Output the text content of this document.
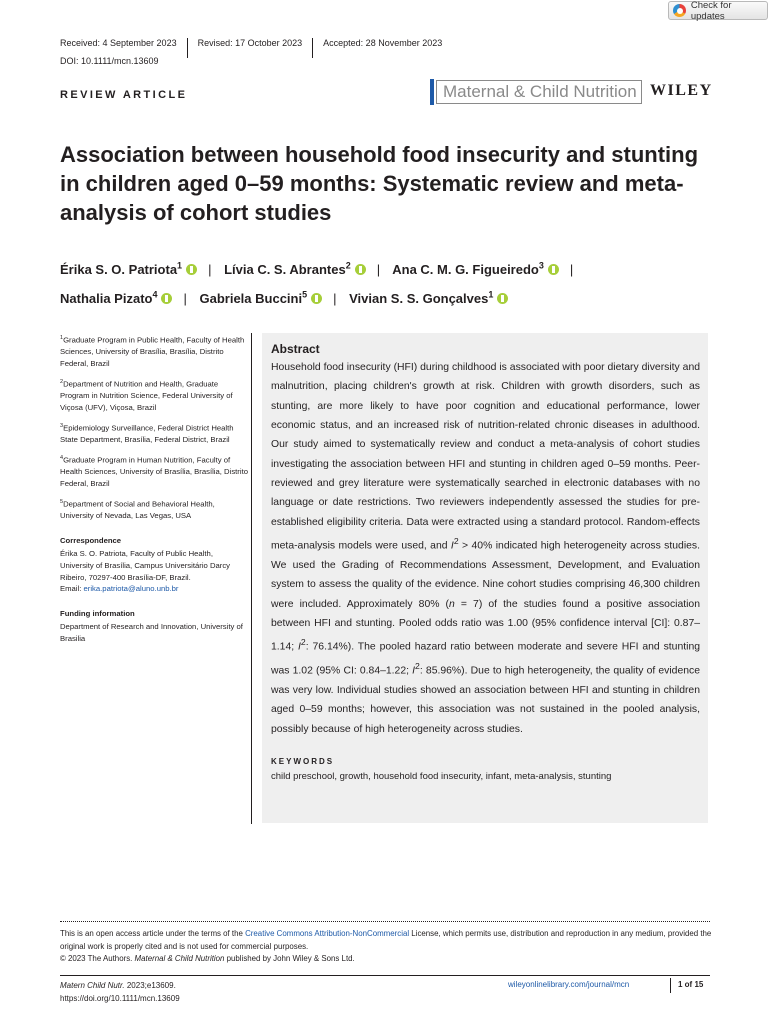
Check for updates
Received: 4 September 2023	Revised: 17 October 2023	Accepted: 28 November 2023
DOI: 10.1111/mcn.13609
REVIEW ARTICLE	Maternal & Child Nutrition WILEY
Association between household food insecurity and stunting in children aged 0–59 months: Systematic review and meta-analysis of cohort studies
Érika S. O. Patriota$^1$ | Lívia C. S. Abrantes$^2$ | Ana C. M. G. Figueiredo$^3$ |
Nathalia Pizato$^4$ | Gabriela Buccini$^5$ | Vivian S. S. Gonçalves$^1$
$^1$Graduate Program in Public Health, Faculty of Health Sciences, University of Brasília, Brasília, Distrito Federal, Brazil
$^2$Department of Nutrition and Health, Graduate Program in Nutrition Science, Federal University of Viçosa (UFV), Viçosa, Brazil
$^3$Epidemiology Surveillance, Federal District Health State Department, Brasília, Federal District, Brazil
$^4$Graduate Program in Human Nutrition, Faculty of Health Sciences, University of Brasília, Brasília, Distrito Federal, Brazil
$^5$Department of Social and Behavioral Health, University of Nevada, Las Vegas, USA
Correspondence
Érika S. O. Patriota, Faculty of Public Health, University of Brasília, Campus Universitário Darcy Ribeiro, 70297-400 Brasília-DF, Brazil.
Email: erika.patriota@aluno.unb.br
Funding information
Department of Research and Innovation, University of Brasilia
Abstract

Household food insecurity (HFI) during childhood is associated with poor dietary diversity and malnutrition, placing children's growth at risk. Children with growth disorders, such as stunting, are more likely to have poor cognition and educational performance, lower economic status, and an increased risk of nutrition-related chronic diseases in adulthood. Our study aimed to systematically review and conduct a meta-analysis of cohort studies investigating the association between HFI and stunting in children aged 0–59 months. Peer-reviewed and grey literature were systematically searched in electronic databases with no language or date restrictions. Two reviewers independently assessed the studies for pre-established eligibility criteria. Data were extracted using a standard protocol. Random-effects meta-analysis models were used, and $I^2 > 40\%$ indicated high heterogeneity across studies. We used the Grading of Recommendations Assessment, Development, and Evaluation system to assess the quality of the evidence. Nine cohort studies comprising 46,300 children were included. Approximately 80% (n = 7) of the studies found a positive association between HFI and stunting. Pooled odds ratio was 1.00 (95% confidence interval [CI]: 0.87–1.14; $I^2$: 76.14%). The pooled hazard ratio between moderate and severe HFI and stunting was 1.02 (95% CI: 0.84–1.22; $I^2$: 85.96%). Due to high heterogeneity, the quality of evidence was very low. Individual studies showed an association between HFI and stunting in children aged 0–59 months; however, this association was not sustained in the pooled analysis, possibly because of high heterogeneity across studies.

KEYWORDS
child preschool, growth, household food insecurity, infant, meta-analysis, stunting
This is an open access article under the terms of the Creative Commons Attribution-NonCommercial License, which permits use, distribution and reproduction in any medium, provided the original work is properly cited and is not used for commercial purposes.
© 2023 The Authors. Maternal & Child Nutrition published by John Wiley & Sons Ltd.
Matern Child Nutr. 2023;e13609.
https://doi.org/10.1111/mcn.13609
wileyonlinelibrary.com/journal/mcn	1 of 15
